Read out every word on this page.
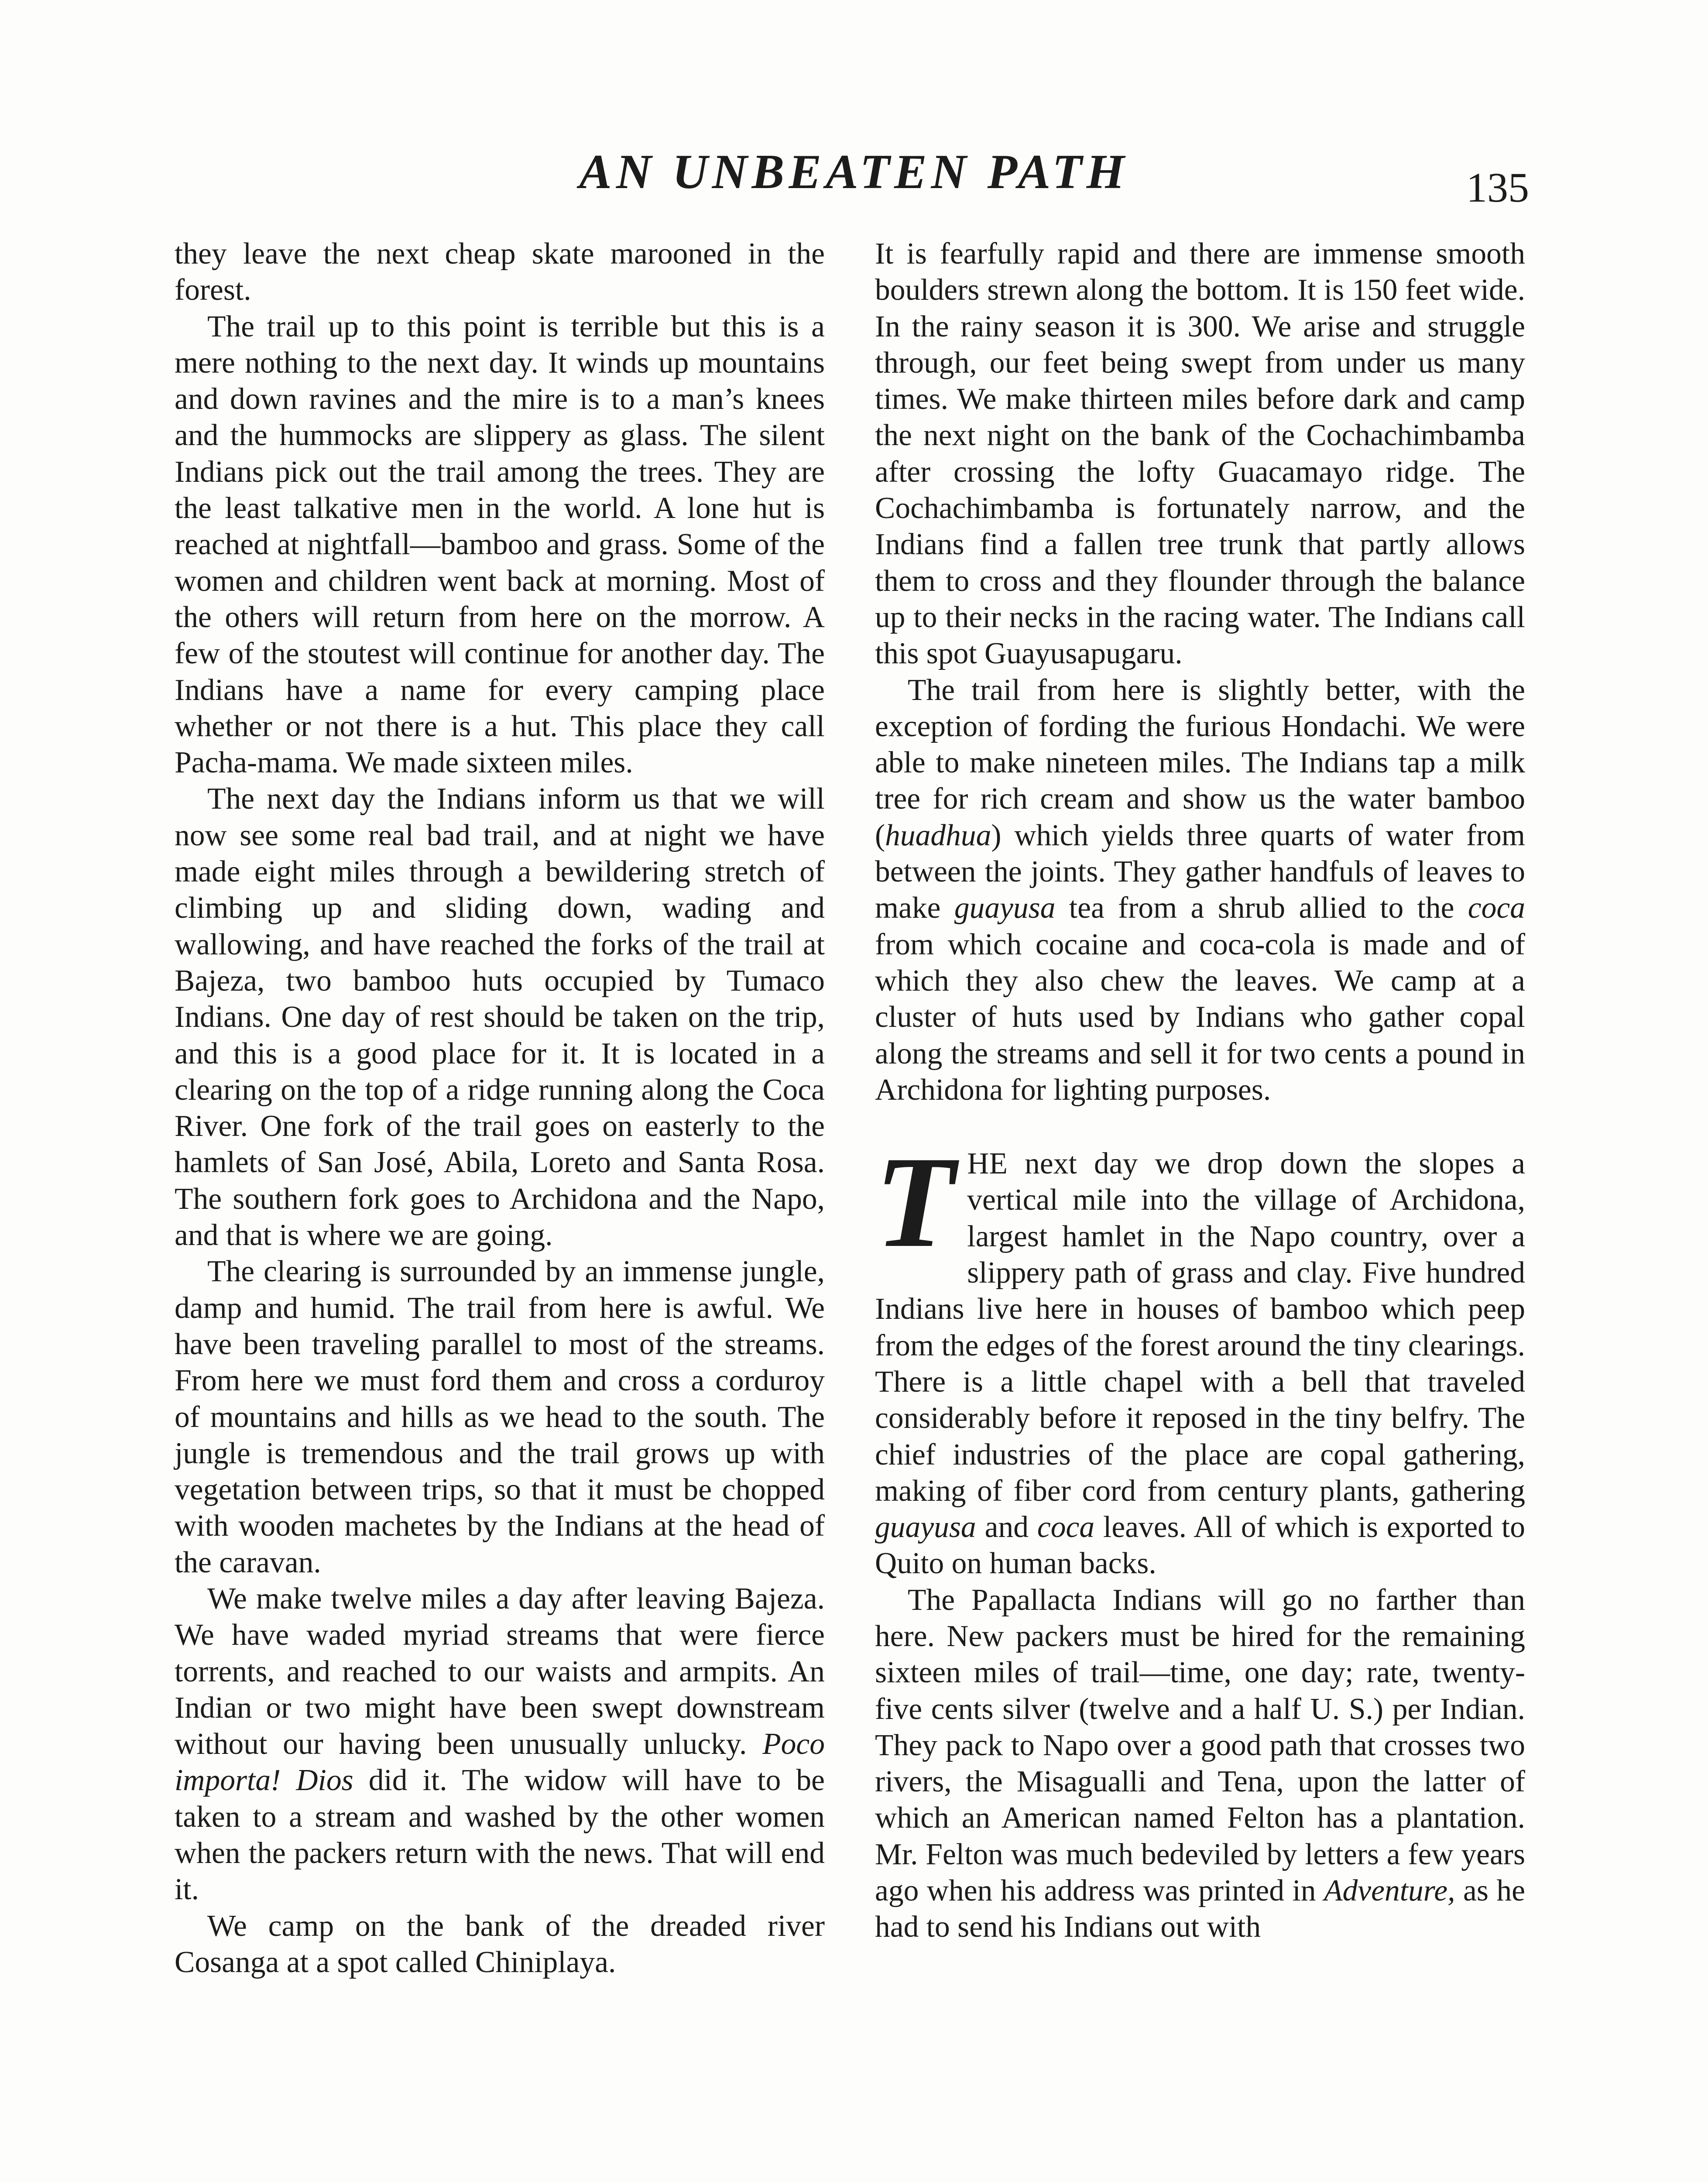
AN UNBEATEN PATH	135

they leave the next cheap skate marooned in the forest.

The trail up to this point is terrible but this is a mere nothing to the next day. It winds up mountains and down ravines and the mire is to a man’s knees and the hummocks are slippery as glass. The silent Indians pick out the trail among the trees. They are the least talkative men in the world. A lone hut is reached at nightfall—bamboo and grass. Some of the women and children went back at morning. Most of the others will return from here on the morrow. A few of the stoutest will continue for another day. The Indians have a name for every camping place whether or not there is a hut. This place they call Pacha-mama. We made sixteen miles.

The next day the Indians inform us that we will now see some real bad trail, and at night we have made eight miles through a bewildering stretch of climbing up and sliding down, wading and wallowing, and have reached the forks of the trail at Bajeza, two bamboo huts occupied by Tumaco Indians. One day of rest should be taken on the trip, and this is a good place for it. It is located in a clearing on the top of a ridge running along the Coca River. One fork of the trail goes on easterly to the hamlets of San José, Abila, Loreto and Santa Rosa. The southern fork goes to Archidona and the Napo, and that is where we are going.

The clearing is surrounded by an immense jungle, damp and humid. The trail from here is awful. We have been traveling parallel to most of the streams. From here we must ford them and cross a corduroy of mountains and hills as we head to the south. The jungle is tremendous and the trail grows up with vegetation between trips, so that it must be chopped with wooden machetes by the Indians at the head of the caravan.

We make twelve miles a day after leaving Bajeza. We have waded myriad streams that were fierce torrents, and reached to our waists and armpits. An Indian or two might have been swept downstream without our having been unusually unlucky. Poco importa! Dios did it. The widow will have to be taken to a stream and washed by the other women when the packers return with the news. That will end it.

We camp on the bank of the dreaded river Cosanga at a spot called Chiniplaya.

It is fearfully rapid and there are immense smooth boulders strewn along the bottom. It is 150 feet wide. In the rainy season it is 300. We arise and struggle through, our feet being swept from under us many times. We make thirteen miles before dark and camp the next night on the bank of the Cochachimbamba after crossing the lofty Guacamayo ridge. The Cochachimbamba is fortunately narrow, and the Indians find a fallen tree trunk that partly allows them to cross and they flounder through the balance up to their necks in the racing water. The Indians call this spot Guayusapugaru.

The trail from here is slightly better, with the exception of fording the furious Hondachi. We were able to make nineteen miles. The Indians tap a milk tree for rich cream and show us the water bamboo (huadhua) which yields three quarts of water from between the joints. They gather handfuls of leaves to make guayusa tea from a shrub allied to the coca from which cocaine and coca-cola is made and of which they also chew the leaves. We camp at a cluster of huts used by Indians who gather copal along the streams and sell it for two cents a pound in Archidona for lighting purposes.

THE next day we drop down the slopes a vertical mile into the village of Archidona, largest hamlet in the Napo country, over a slippery path of grass and clay. Five hundred Indians live here in houses of bamboo which peep from the edges of the forest around the tiny clearings. There is a little chapel with a bell that traveled considerably before it reposed in the tiny belfry. The chief industries of the place are copal gathering, making of fiber cord from century plants, gathering guayusa and coca leaves. All of which is exported to Quito on human backs.

The Papallacta Indians will go no farther than here. New packers must be hired for the remaining sixteen miles of trail—time, one day; rate, twenty-five cents silver (twelve and a half U. S.) per Indian. They pack to Napo over a good path that crosses two rivers, the Misagualli and Tena, upon the latter of which an American named Felton has a plantation. Mr. Felton was much bedeviled by letters a few years ago when his address was printed in Adventure, as he had to send his Indians out with
